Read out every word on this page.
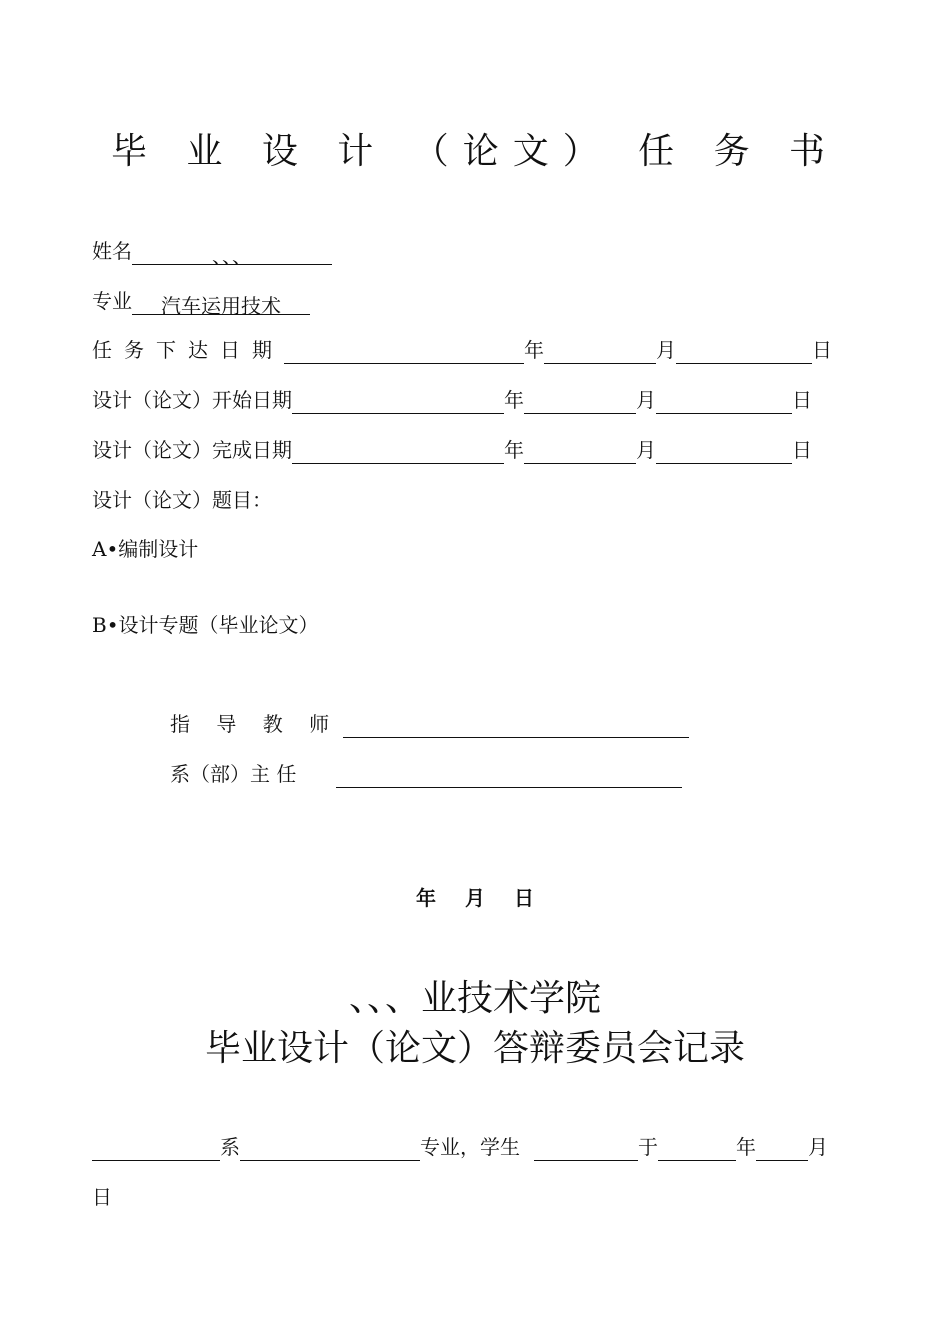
毕 业 设 计 （论文） 任 务 书
姓名	、、、
专业 汽车运用技术
任务下达日期	年	月	日
设计（论文）开始日期	年	月	日
设计（论文）完成日期	年	月	日
设计（论文）题目：
A•编制设计
B•设计专题（毕业论文）
指 导 教 师
系（部）主 任
年 月 日
、、、业技术学院
毕业设计（论文）答辩委员会记录
系	专业，学生	于	年	月
日
